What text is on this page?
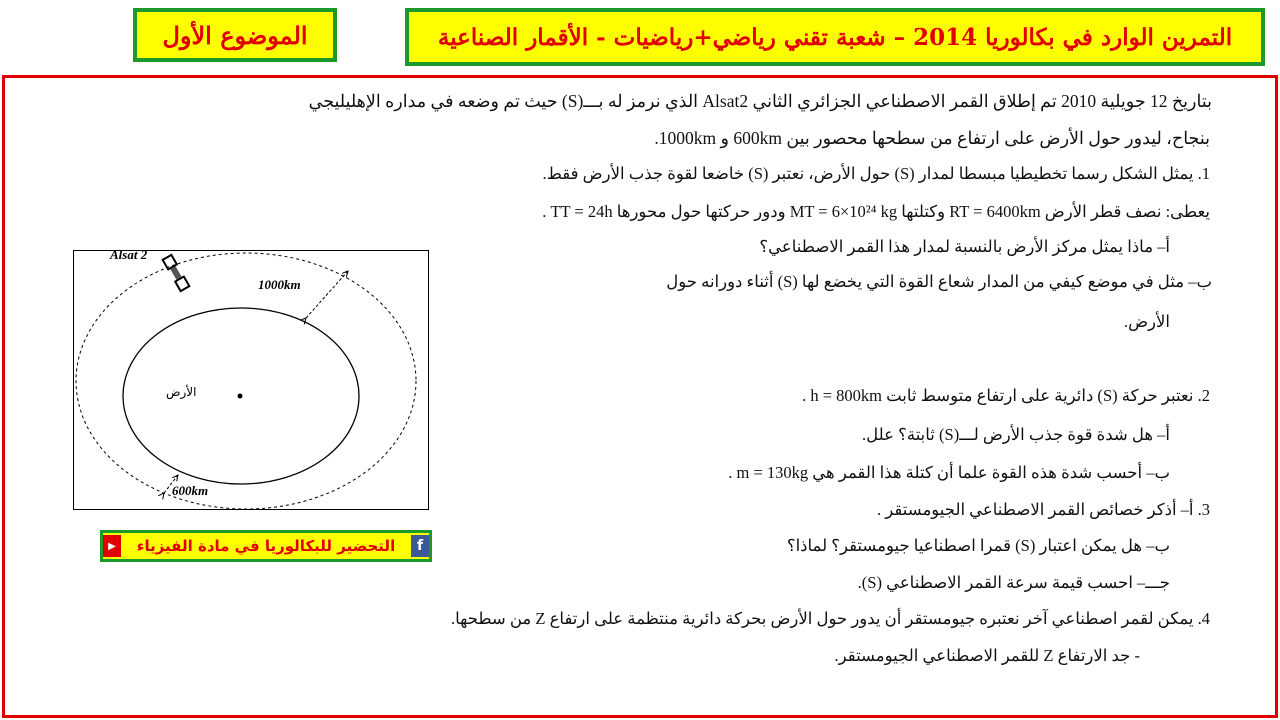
التمرين الوارد في بكالوريا 2014 – شعبة تقني رياضي+رياضيات - الأقمار الصناعية
الموضوع الأول
بتاريخ 12 جويلية 2010 تم إطلاق القمر الاصطناعي الجزائري الثاني Alsat2 الذي نرمز له بـــ(S) حيث تم وضعه في مداره الإهليليجي
بنجاح، ليدور حول الأرض على ارتفاع من سطحها محصور بين 600km و 1000km.
1. يمثل الشكل رسما تخطيطيا مبسطا لمدار (S) حول الأرض، نعتبر (S) خاضعا لقوة جذب الأرض فقط.
يعطى: نصف قطر الأرض RT = 6400km وكتلتها MT = 6×10²⁴ kg ودور حركتها حول محورها TT = 24h .
أ– ماذا يمثل مركز الأرض بالنسبة لمدار هذا القمر الاصطناعي؟
ب– مثل في موضع كيفي من المدار شعاع القوة التي يخضع لها (S) أثناء دورانه حول
الأرض.
2. نعتبر حركة (S) دائرية على ارتفاع متوسط ثابت h = 800km .
أ– هل شدة قوة جذب الأرض لـــ(S) ثابتة؟ علل.
ب– أحسب شدة هذه القوة علما أن كتلة هذا القمر هي m = 130kg .
3. أ– أذكر خصائص القمر الاصطناعي الجيومستقر .
ب– هل يمكن اعتبار (S) قمرا اصطناعيا جيومستقر؟ لماذا؟
جـــ– احسب قيمة سرعة القمر الاصطناعي (S).
4. يمكن لقمر اصطناعي آخر نعتبره جيومستقر أن يدور حول الأرض بحركة دائرية منتظمة على ارتفاع Z من سطحها.
- جد الارتفاع Z للقمر الاصطناعي الجيومستقر.
Alsat 2
1000km
600km
الأرض
f
التحضير للبكالوريا في مادة الفيزياء
▶
